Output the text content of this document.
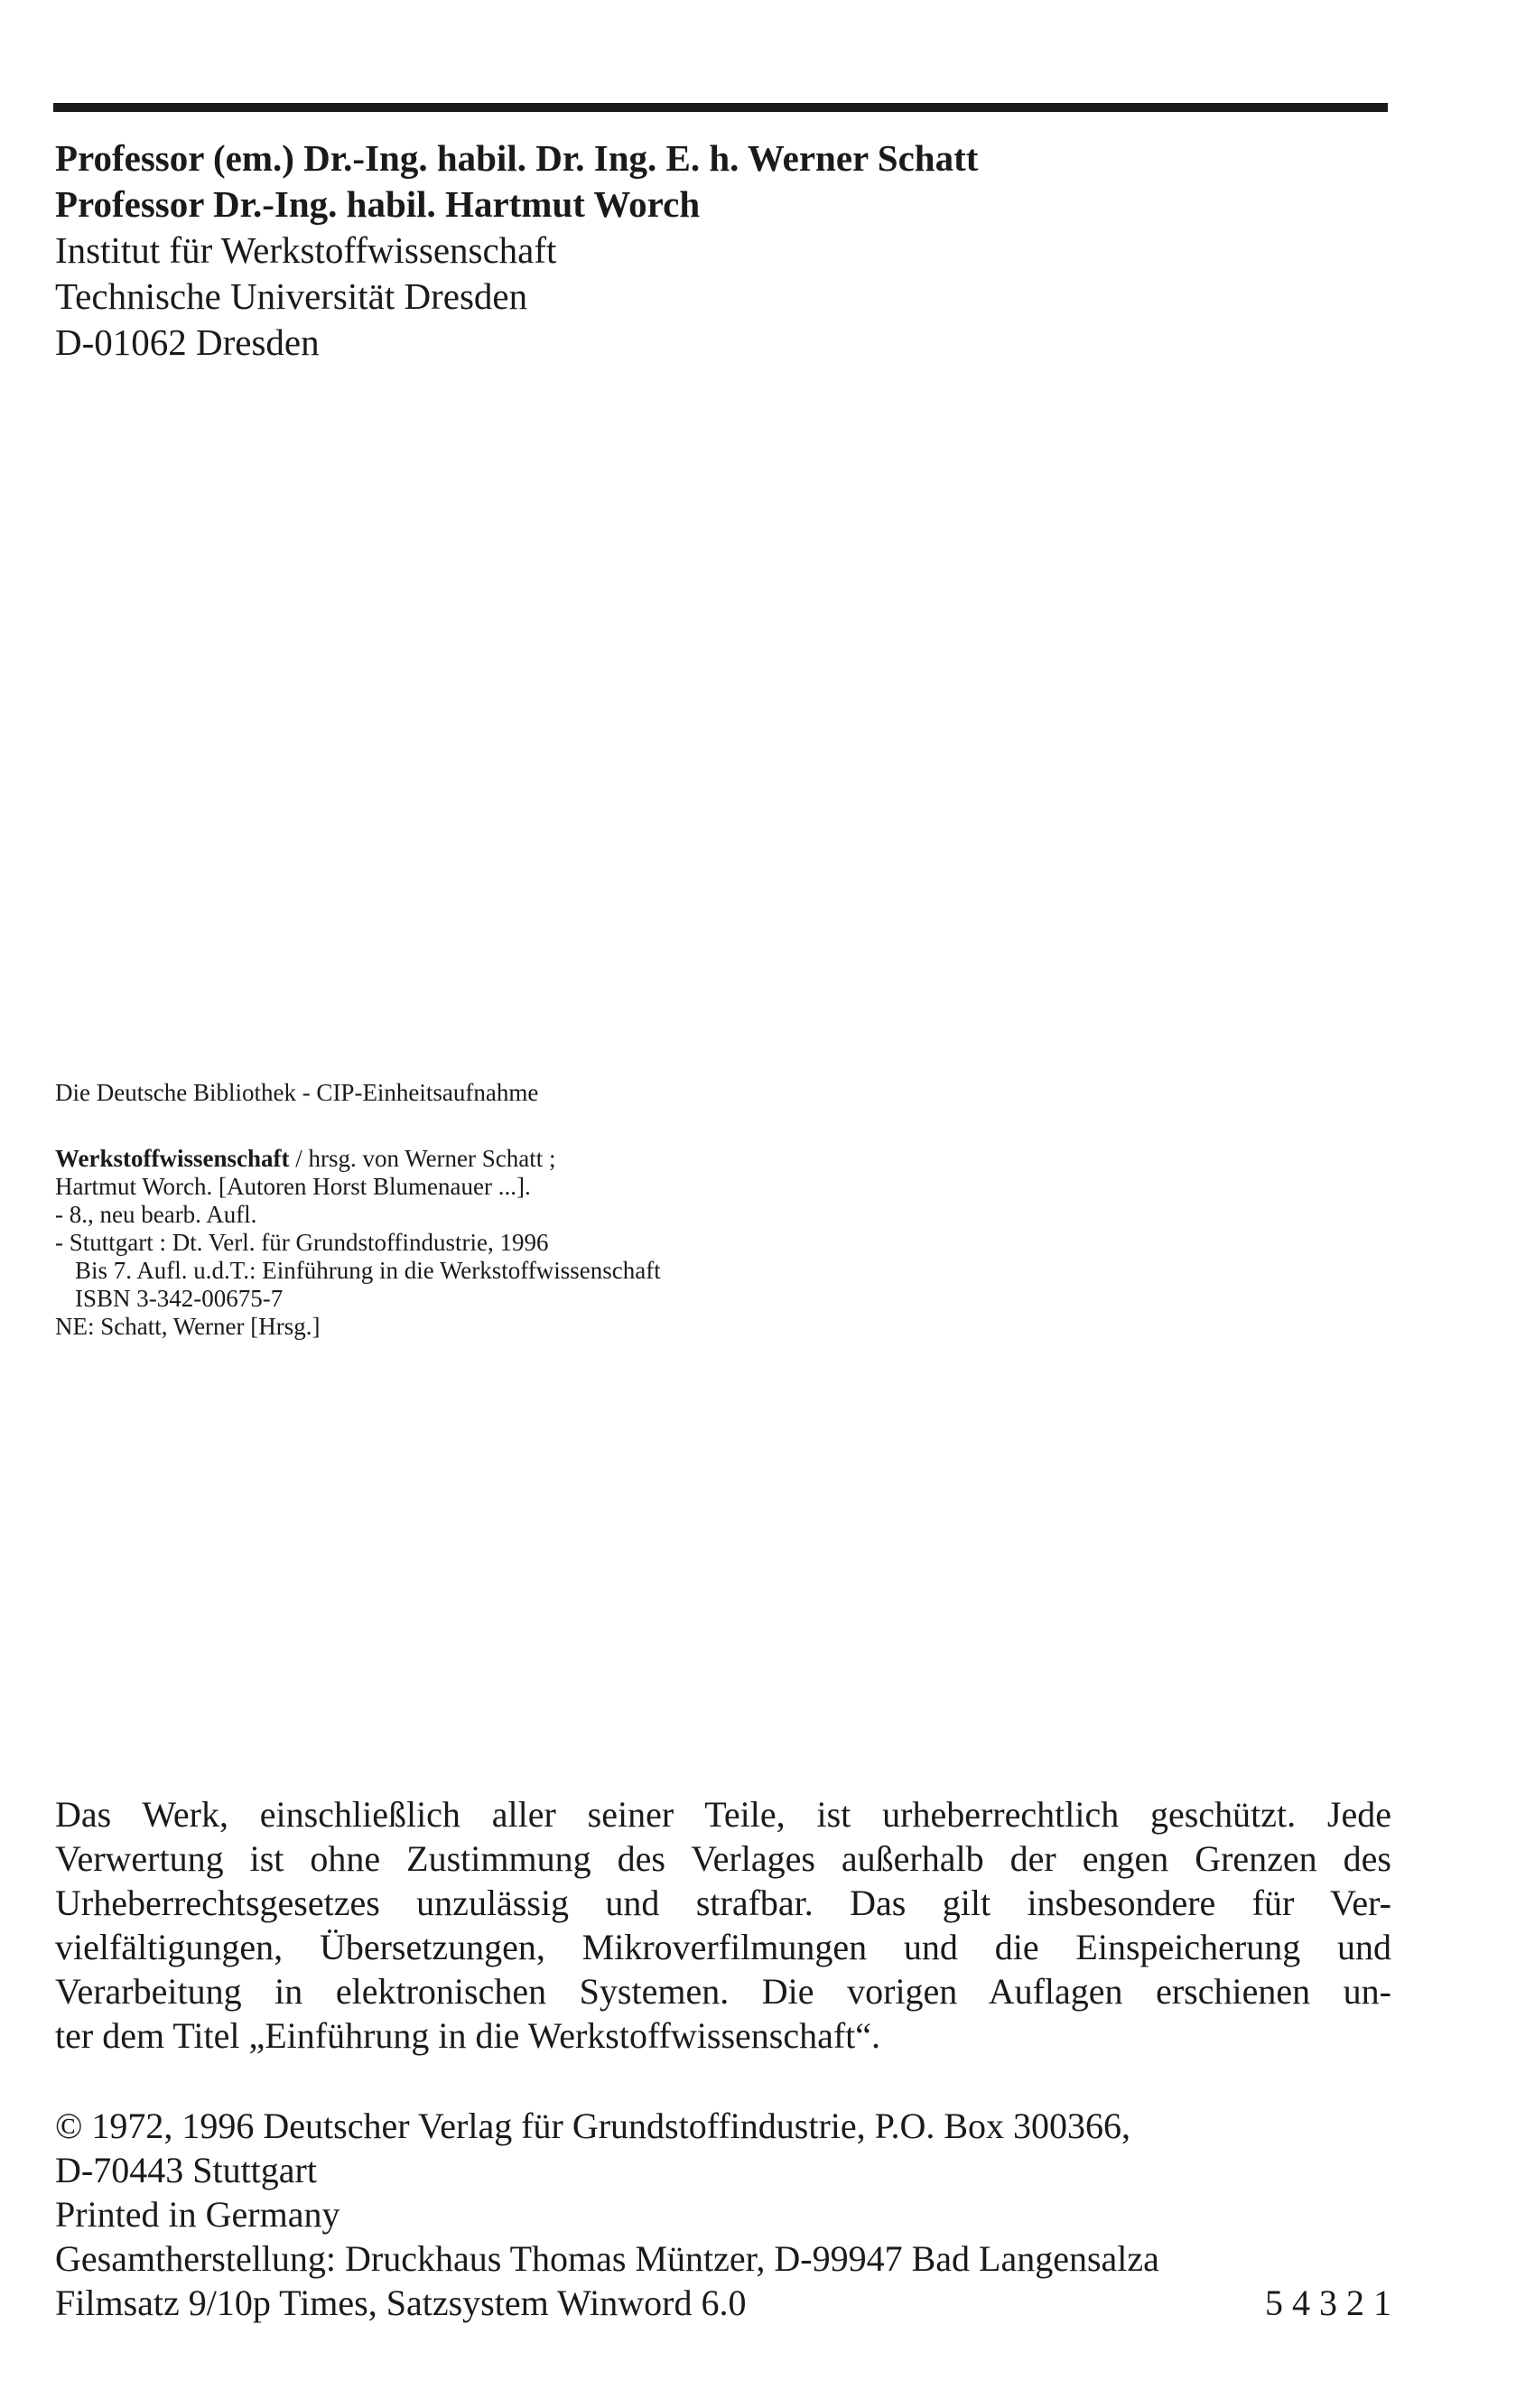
Professor (em.) Dr.-Ing. habil. Dr. Ing. E. h. Werner Schatt
Professor Dr.-Ing. habil. Hartmut Worch
Institut für Werkstoffwissenschaft
Technische Universität Dresden
D-01062 Dresden
Die Deutsche Bibliothek - CIP-Einheitsaufnahme
Werkstoffwissenschaft / hrsg. von Werner Schatt ;
Hartmut Worch. [Autoren Horst Blumenauer ...].
- 8., neu bearb. Aufl.
- Stuttgart : Dt. Verl. für Grundstoffindustrie, 1996
Bis 7. Aufl. u.d.T.: Einführung in die Werkstoffwissenschaft
ISBN 3-342-00675-7
NE: Schatt, Werner [Hrsg.]
Das Werk, einschließlich aller seiner Teile, ist urheberrechtlich geschützt. Jede
Verwertung ist ohne Zustimmung des Verlages außerhalb der engen Grenzen des
Urheberrechtsgesetzes unzulässig und strafbar. Das gilt insbesondere für Ver-
vielfältigungen, Übersetzungen, Mikroverfilmungen und die Einspeicherung und
Verarbeitung in elektronischen Systemen. Die vorigen Auflagen erschienen un-
ter dem Titel „Einführung in die Werkstoffwissenschaft“.
© 1972, 1996 Deutscher Verlag für Grundstoffindustrie, P.O. Box 300366,
D-70443 Stuttgart
Printed in Germany
Gesamtherstellung: Druckhaus Thomas Müntzer, D-99947 Bad Langensalza
Filmsatz 9/10p Times, Satzsystem Winword 6.0	5 4 3 2 1
